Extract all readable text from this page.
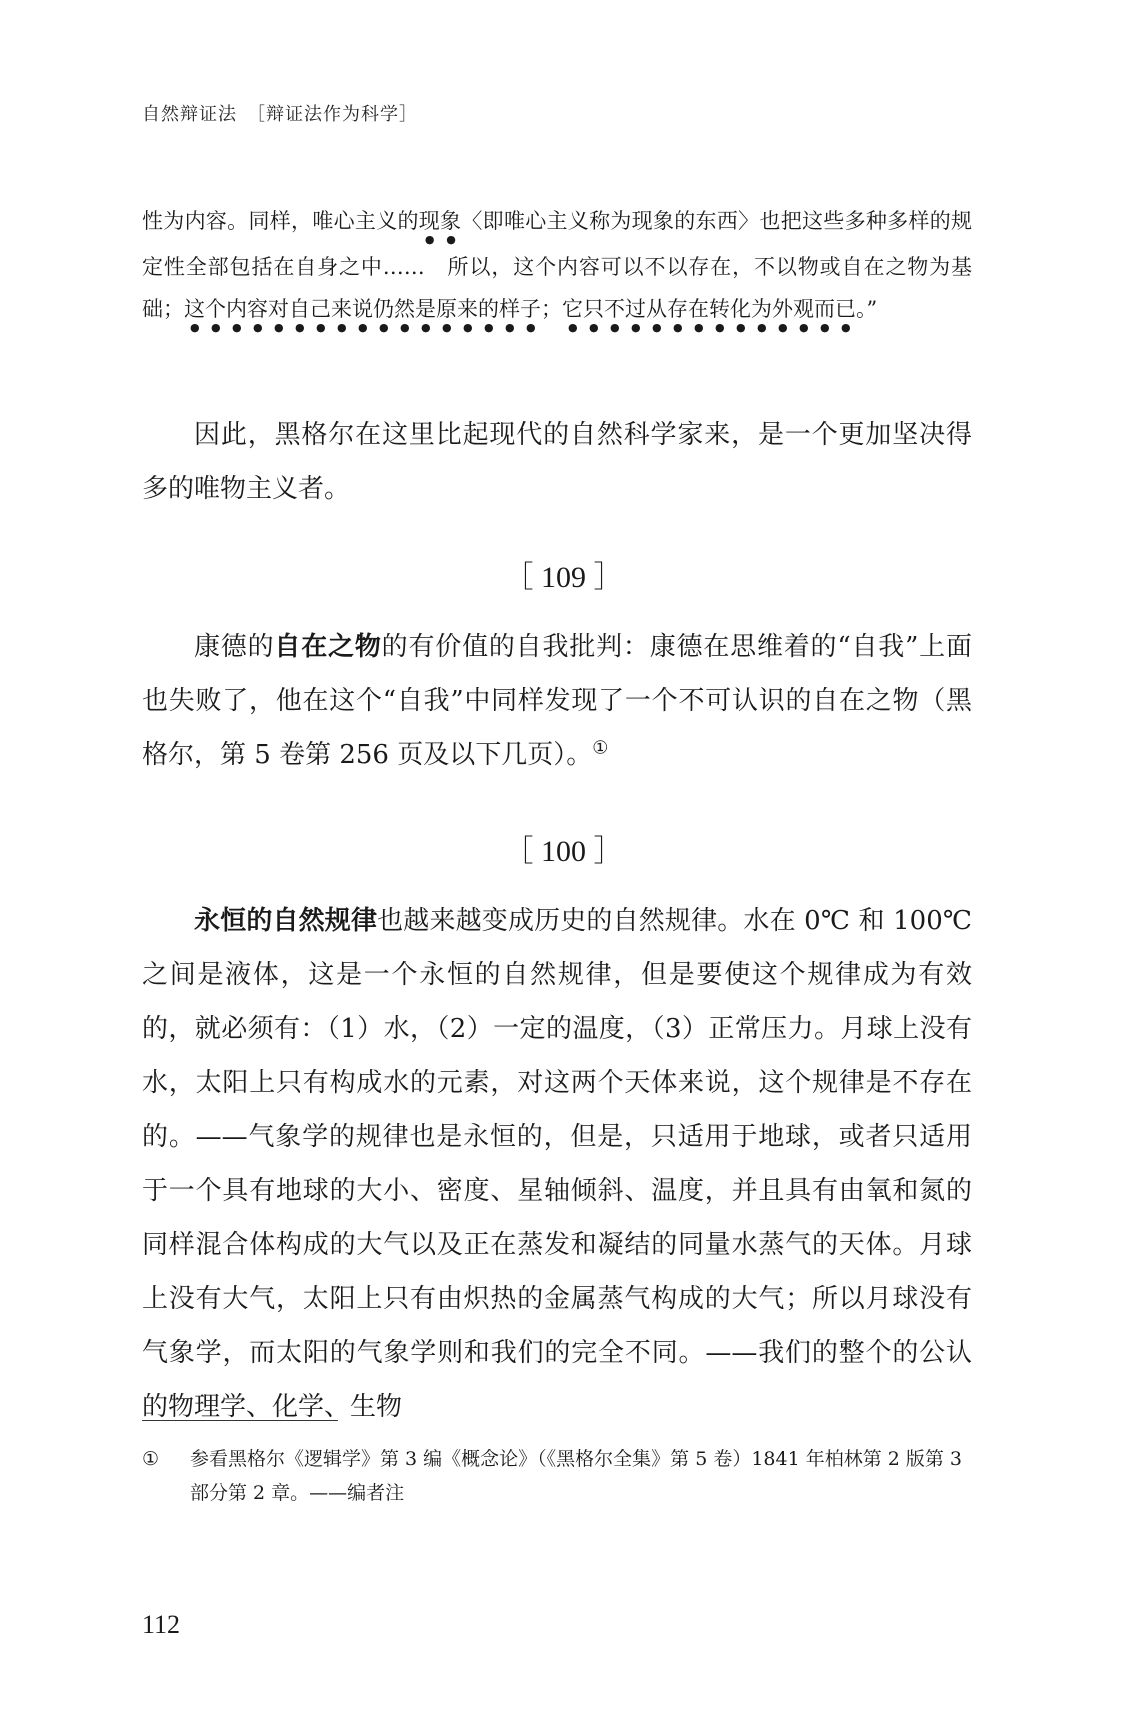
自然辩证法　［辩证法作为科学］

性为内容。同样，唯心主义的现象〈即唯心主义称为现象的东西〉也把这些多种多样的规定性全部包括在自身之中……　所以，这个内容可以不以存在，不以物或自在之物为基础；这个内容对自己来说仍然是原来的样子；它只不过从存在转化为外观而已。”

因此，黑格尔在这里比起现代的自然科学家来，是一个更加坚决得多的唯物主义者。

［ 109 ］

康德的自在之物的有价值的自我批判：康德在思维着的“自我”上面也失败了，他在这个“自我”中同样发现了一个不可认识的自在之物（黑格尔，第 5 卷第 256 页及以下几页）。①

［ 100 ］

永恒的自然规律也越来越变成历史的自然规律。水在 0℃ 和 100℃之间是液体，这是一个永恒的自然规律，但是要使这个规律成为有效的，就必须有：（1）水，（2）一定的温度，（3）正常压力。月球上没有水，太阳上只有构成水的元素，对这两个天体来说，这个规律是不存在的。——气象学的规律也是永恒的，但是，只适用于地球，或者只适用于一个具有地球的大小、密度、星轴倾斜、温度，并且具有由氧和氮的同样混合体构成的大气以及正在蒸发和凝结的同量水蒸气的天体。月球上没有大气，太阳上只有由炽热的金属蒸气构成的大气；所以月球没有气象学，而太阳的气象学则和我们的完全不同。——我们的整个的公认的物理学、化学、生物

① 参看黑格尔《逻辑学》第 3 编《概念论》（《黑格尔全集》第 5 卷）1841 年柏林第 2 版第 3 部分第 2 章。——编者注
112
